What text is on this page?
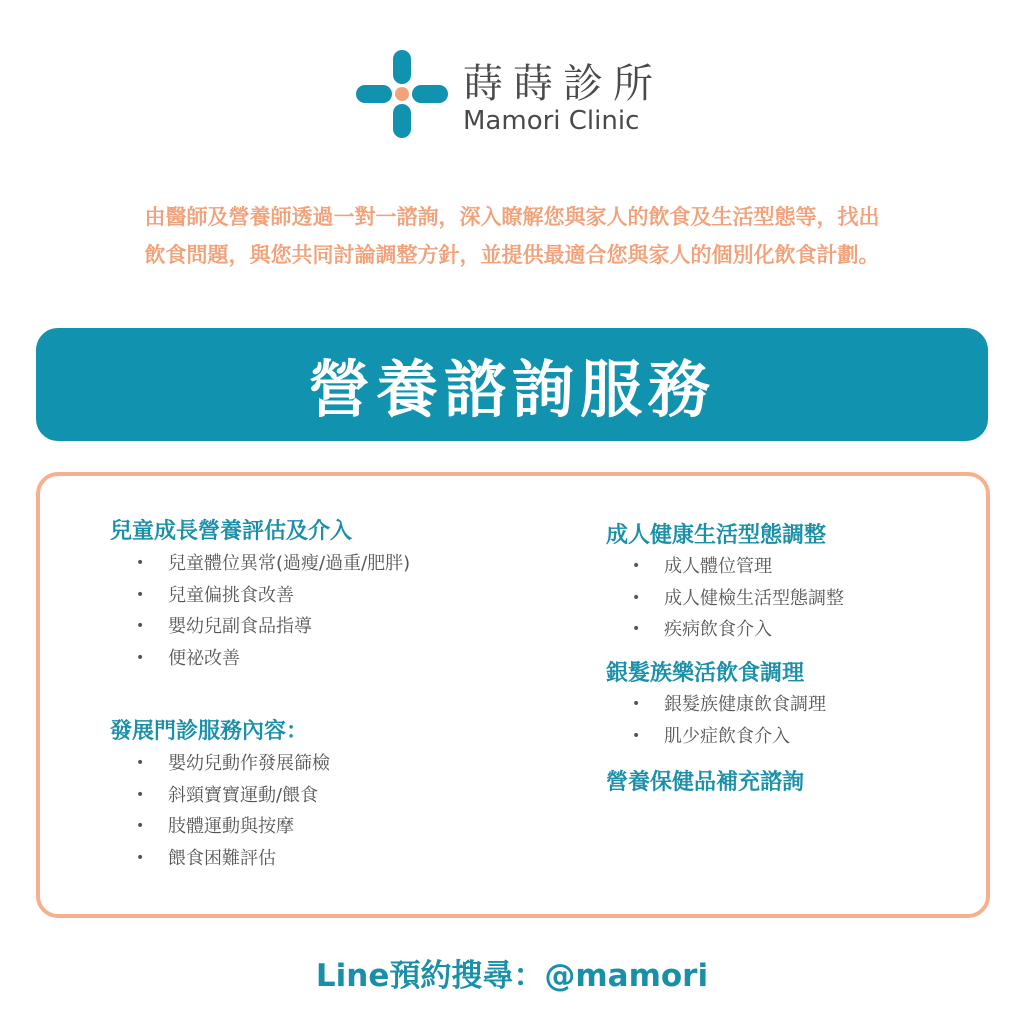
蒔蒔診所
Mamori Clinic
由醫師及營養師透過一對一諮詢，深入瞭解您與家人的飲食及生活型態等，找出
飲食問題，與您共同討論調整方針，並提供最適合您與家人的個別化飲食計劃。
營養諮詢服務
兒童成長營養評估及介入
• 兒童體位異常(過瘦/過重/肥胖)
• 兒童偏挑食改善
• 嬰幼兒副食品指導
• 便祕改善
發展門診服務內容：
• 嬰幼兒動作發展篩檢
• 斜頸寶寶運動/餵食
• 肢體運動與按摩
• 餵食困難評估
成人健康生活型態調整
• 成人體位管理
• 成人健檢生活型態調整
• 疾病飲食介入
銀髮族樂活飲食調理
• 銀髮族健康飲食調理
• 肌少症飲食介入
營養保健品補充諮詢
Line預約搜尋：@mamori
